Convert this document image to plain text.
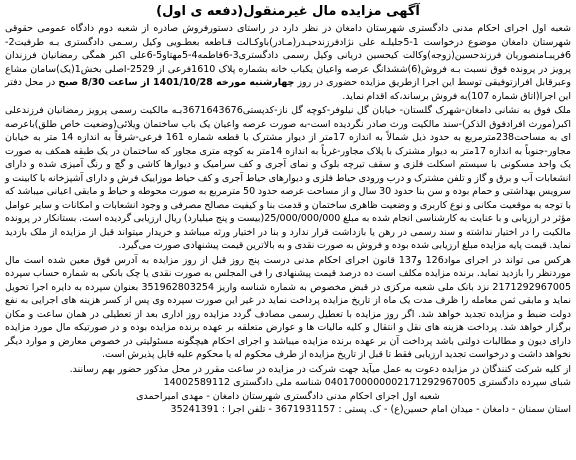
آگهی مزایده مال غیرمنقول(دفعه ی اول)

شعبه اول اجرای احکام مدنی دادگستری شهرستان دامغان در نظر دارد در راستای دستورفروش صادره از شعبه دوم دادگاه عمومی حقوقی شهرستان دامغان موضوع درخواست 1-5جلیلـه علی نژادفرزندحیـدر(مـادر)باوکـالت قـاطعه بعطـویی وکیل رسـمی دادگستری بـه طرفیت2-6فریبـامنصوریان فرزندحسین(زوجه)وکالت کیحسین دریانی وکیل رسمی دادگستری3-6فاطمه4-5مهتاو5-6علی اکبر همگی رمضانیان فرزندان پرویز در پرونده فوق نسبت بـه فروش(6)ششدانگ عرصه واعیان یکباب خانه بشماره پلاک 1610فرعی از 2529-اصلی بخش1(یک)سامان مشاع وعبرقابل افرازتوفیقی توسط این اجرا ازطریق مزایده حضوری در روز چهارشنبه مورخه 1401/10/28 از ساعت 8/30 صبح در محل دفتر این اجرا(اتاق شماره 107)به فروش برساند،که اقدام نماید.

ملک فوق به نشانی دامغان-شهرک گلستان- خیابان گل نیلوفر-کوچه گل ناز-کدپستی3671643676بـه مالکیت رسمی پرویز رمضانیان فرزندعلی اکبر(مورث افرادفوق الذکر)-سند مالکیت ورث صادر نگردیده است-به صورت عرصه واعیان یک باب ساختمان ویلائی(وضعیت خاص طلق)باعرصه ای به مساحت238مترمربع به حدود ذیل شمالاً به اندازه 17متر از دیوار مشترک با قطعه شماره 161 فرعی-شرقاً به اندازه 14 متر به خیابان مجاور-جنوباً به اندازه 17متر به دیوار مشترک با پلاک مجاور-غرباً به اندازه 14متر به کوچه متری مجاور که ساختمان در یک طبقه همکف به صورت یک واحد مسکونی با سیستم اسکلت فلزی و سقف تیرچه بلوک و نمای آجری و کف سرامیک و دیوارها کاشی و گچ و رنگ آمیزی شده و دارای انشعابات آب و برق و گاز و تلفن مشترک و درب ورودی حیاط فلزی و دیوارهای حیاط آجری و کف حیاط موزاییک فرش و دارای آشپزخانه با کابینت و سرویس بهداشتی و حمام بوده و سن بنا حدود 30 سال و از مساحت عرصه حدود 50 مترمربع به صورت محوطه و حیاط و مابقی اعیانی میباشد که با توجه به موقعیت مکانی و نوع کاربری و وضعیت ظاهری ساختمان و قدمت بنا و کیفیت مصالح مصرفی و وجود انشعابات و امکانات و سایر عوامل مؤثر در ارزیابی و با عنایت به کارشناسی انجام شده به مبلغ 25/000/000/000(بیست و پنج میلیارد) ریال ارزیابی گردیده است. بستانکار در پرونده مالکیت را در اختیار نداشته و سند رسمی در رهن یا بازداشت قرار ندارد و بنا در اختیار ورثه میباشد و خریدار میتواند قبل از مزایده از ملک بازدید نماید. قیمت پایه مزایده مبلغ ارزیابی شده بوده و فروش به صورت نقدی و به بالاترین قیمت پیشنهادی صورت می‌گیرد.

هرکس می تواند در اجرای مواد126 و137 قانون اجرای احکام مدنی درست پنج روز قبل از روز مزایده به آدرس فوق معین شده است مال موردنظر را بازدید نماید. برنده مزایده مکلف است ده درصد قیمت پیشنهادی را فی المجلس به صورت نقدی یا چک بانکی به شماره حساب سپرده 2171292967005 نزد بانک ملی شعبه مرکزی در قبض مخصوص به شماره شناسه واریز 351962803254 بعنوان سپرده به دایره اجرا تحویل نماید و مابقی ثمن معامله را ظرف مدت یک ماه از تاریخ مزایده پرداخت نماید در غیر این صورت سپرده وی پس از کسر هزینه های اجرایی به نفع دولت ضبط و مزایده تجدید خواهد شد. اگر روز مزایده با تعطیل رسمی مصادف گردد مزایده روز اداری بعد از تعطیلی در همان ساعت و مکان برگزار خواهد شد. پرداخت هزینه های نقل و انتقال و کلیه مالیات ها و عوارض متعلقه بر عهده برنده مزایده بوده و در صورتیکه مال مورد مزایده دارای دیون و مطالبات دولتی باشد پرداخت آن بر عهده برنده مزایده میباشد و اجرای احکام هیچگونه مسئولیتی در خصوص معارض و موارد دیگر نخواهد داشت و درخواست تجدید ارزیابی فقط تا قبل از تاریخ مزایده از طرف محکوم له یا محکوم علیه قابل پذیرش است.

از کلیه شرکت کنندگان در مزایده دعوت به عمل میآید جهت شرکت در مزایده در ساعت مقرر در محل مذکور حضور بهم رسانند.
شبای سپرده دادگستری 0401700000002171292967005 شناسه ملی دادگستری 14002589112
شعبه اول اجرای احکام مدنی دادگستری شهرستان دامغان - مهدی امیراحمدی
استان سمنان - دامغان - میدان امام حسین(ع) - ک. پستی : 3671931157 - تلفن اجرا : 35241391
